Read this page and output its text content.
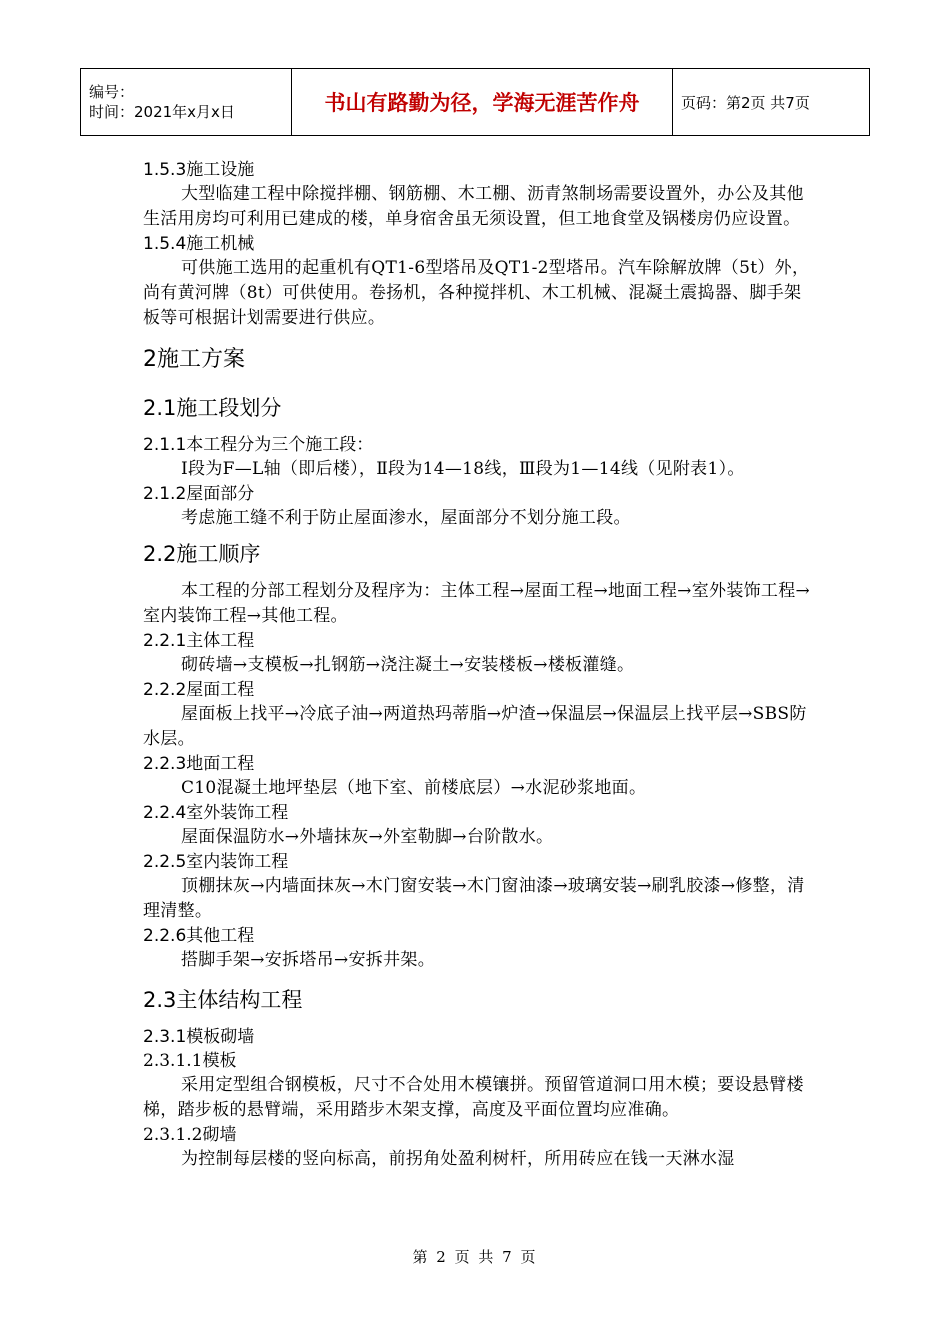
编号：
时间：2021年x月x日	书山有路勤为径，学海无涯苦作舟	页码：第2页 共7页

1.5.3施工设施

大型临建工程中除搅拌棚、钢筋棚、木工棚、沥青煞制场需要设置外，办公及其他生活用房均可利用已建成的楼，单身宿舍虽无须设置，但工地食堂及锅楼房仍应设置。

1.5.4施工机械

可供施工选用的起重机有QT1-6型塔吊及QT1-2型塔吊。汽车除解放牌（5t）外，尚有黄河牌（8t）可供使用。卷扬机，各种搅拌机、木工机械、混凝土震捣器、脚手架板等可根据计划需要进行供应。

2施工方案

2.1施工段划分

2.1.1本工程分为三个施工段：

Ⅰ段为F—L轴（即后楼），Ⅱ段为14—18线，Ⅲ段为1—14线（见附表1）。

2.1.2屋面部分

考虑施工缝不利于防止屋面渗水，屋面部分不划分施工段。

2.2施工顺序

本工程的分部工程划分及程序为：主体工程→屋面工程→地面工程→室外装饰工程→室内装饰工程→其他工程。

2.2.1主体工程

砌砖墙→支模板→扎钢筋→浇注凝土→安装楼板→楼板灌缝。

2.2.2屋面工程

屋面板上找平→冷底子油→两道热玛蒂脂→炉渣→保温层→保温层上找平层→SBS防水层。

2.2.3地面工程

C10混凝土地坪垫层（地下室、前楼底层）→水泥砂浆地面。

2.2.4室外装饰工程

屋面保温防水→外墙抹灰→外室勒脚→台阶散水。

2.2.5室内装饰工程

顶棚抹灰→内墙面抹灰→木门窗安装→木门窗油漆→玻璃安装→刷乳胶漆→修整，清理清整。

2.2.6其他工程

搭脚手架→安拆塔吊→安拆井架。

2.3主体结构工程

2.3.1模板砌墙

2.3.1.1模板

采用定型组合钢模板，尺寸不合处用木模镶拼。预留管道洞口用木模；要设悬臂楼梯，踏步板的悬臂端，采用踏步木架支撑，高度及平面位置均应准确。

2.3.1.2砌墙

为控制每层楼的竖向标高，前拐角处盈利树杆，所用砖应在钱一天淋水湿

第 2 页 共 7 页
